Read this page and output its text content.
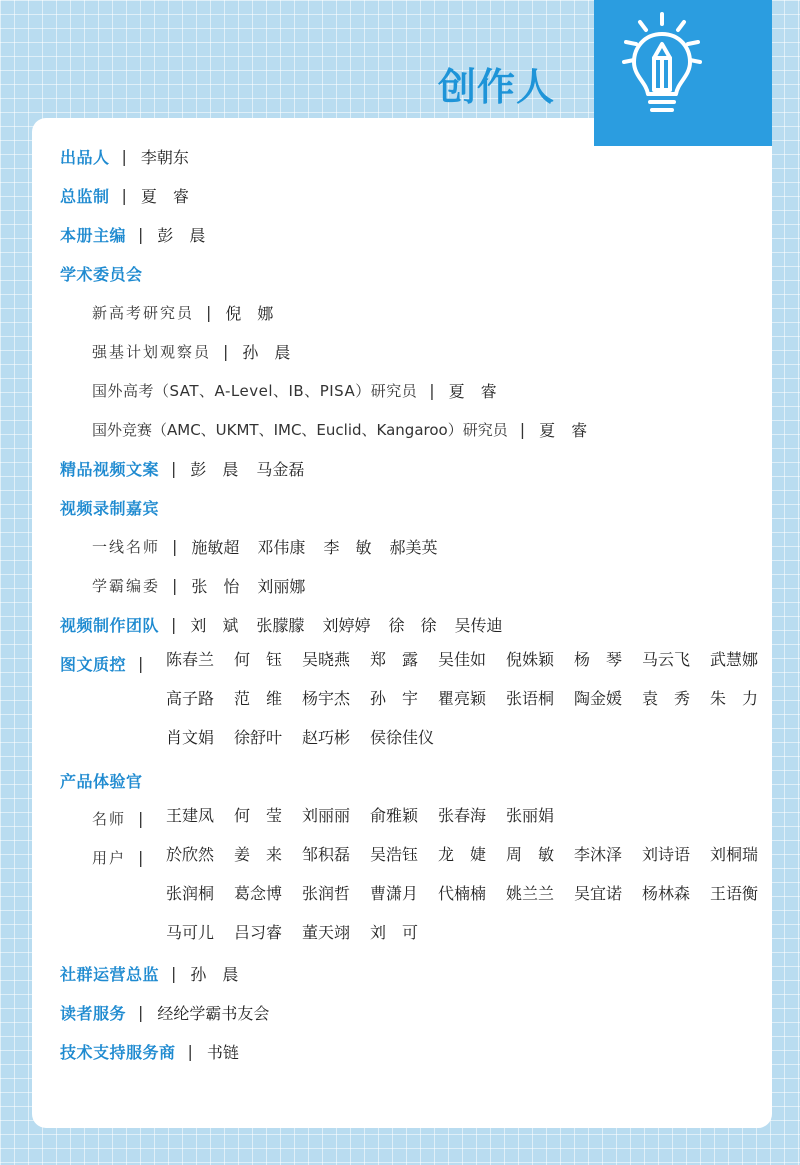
创作人
出品人 | 李朝东
总监制 | 夏　睿
本册主编 | 彭　晨
学术委员会
新高考研究员 | 倪　娜
强基计划观察员 | 孙　晨
国外高考（SAT、A-Level、IB、PISA）研究员 | 夏　睿
国外竞赛（AMC、UKMT、IMC、Euclid、Kangaroo）研究员 | 夏　睿
精品视频文案 | 彭　晨 马金磊
视频录制嘉宾
一线名师 | 施敏超 邓伟康 李　敏 郝美英
学霸编委 | 张　怡 刘丽娜
视频制作团队 | 刘　斌 张朦朦 刘婷婷 徐　徐 吴传迪
图文质控 | 陈春兰	何　钰	吴晓燕	郑　露	吴佳如	倪姝颖	杨　琴	马云飞	武慧娜
高子路	范　维	杨宇杰	孙　宇	瞿亮颖	张语桐	陶金媛	袁　秀	朱　力
肖文娟	徐舒叶	赵巧彬	侯徐佳仪
产品体验官
名师 | 王建凤	何　莹	刘丽丽	俞雅颖	张春海	张丽娟
用户 | 於欣然	姜　来	邹积磊	吴浩钰	龙　婕	周　敏	李沐泽	刘诗语	刘桐瑞
张润桐	葛念博	张润哲	曹潇月	代楠楠	姚兰兰	吴宜诺	杨林森	王语衡
马可儿	吕习睿	董天翊	刘　可
社群运营总监 | 孙　晨
读者服务 | 经纶学霸书友会
技术支持服务商 | 书链
